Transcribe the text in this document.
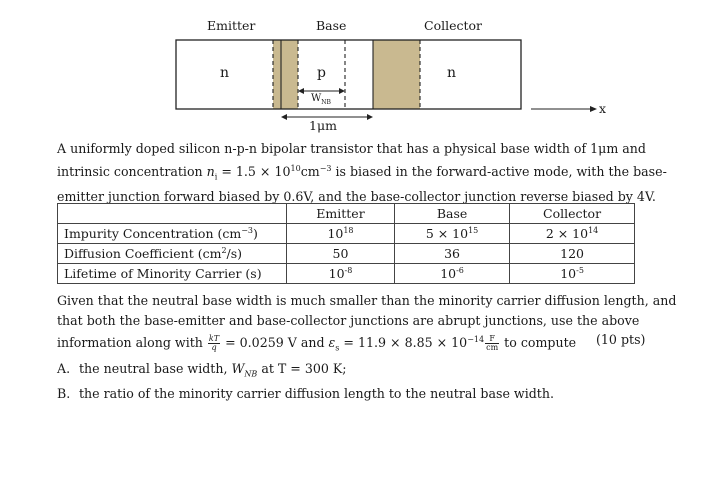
Emitter	Base	Collector
n	p	n
$W_{NB}$
1μm
x
A uniformly doped silicon n-p-n bipolar transistor that has a physical base width of 1μm and
intrinsic concentration $n_i = 1.5 \times 10^{10}cm^{-3}$ is biased in the forward-active mode, with the base-
emitter junction forward biased by 0.6V, and the base-collector junction reverse biased by 4V.
	Emitter	Base	Collector
Impurity Concentration $(cm^{-3})$	$10^{18}$	$5 \times 10^{15}$	$2 \times 10^{14}$
Diffusion Coefficient $(cm^2/s)$	50	36	120
Lifetime of Minority Carrier (s)	$10^{-8}$	$10^{-6}$	$10^{-5}$
Given that the neutral base width is much smaller than the minority carrier diffusion length, and
that both the base-emitter and base-collector junctions are abrupt junctions, use the above
information along with $\frac{kT}{q} = 0.0259$ V and $\varepsilon_s = 11.9 \times 8.85 \times 10^{-14} \frac{F}{cm}$ to compute (10 pts)
A. the neutral base width, $W_{NB}$ at T = 300 K;
B. the ratio of the minority carrier diffusion length to the neutral base width.
